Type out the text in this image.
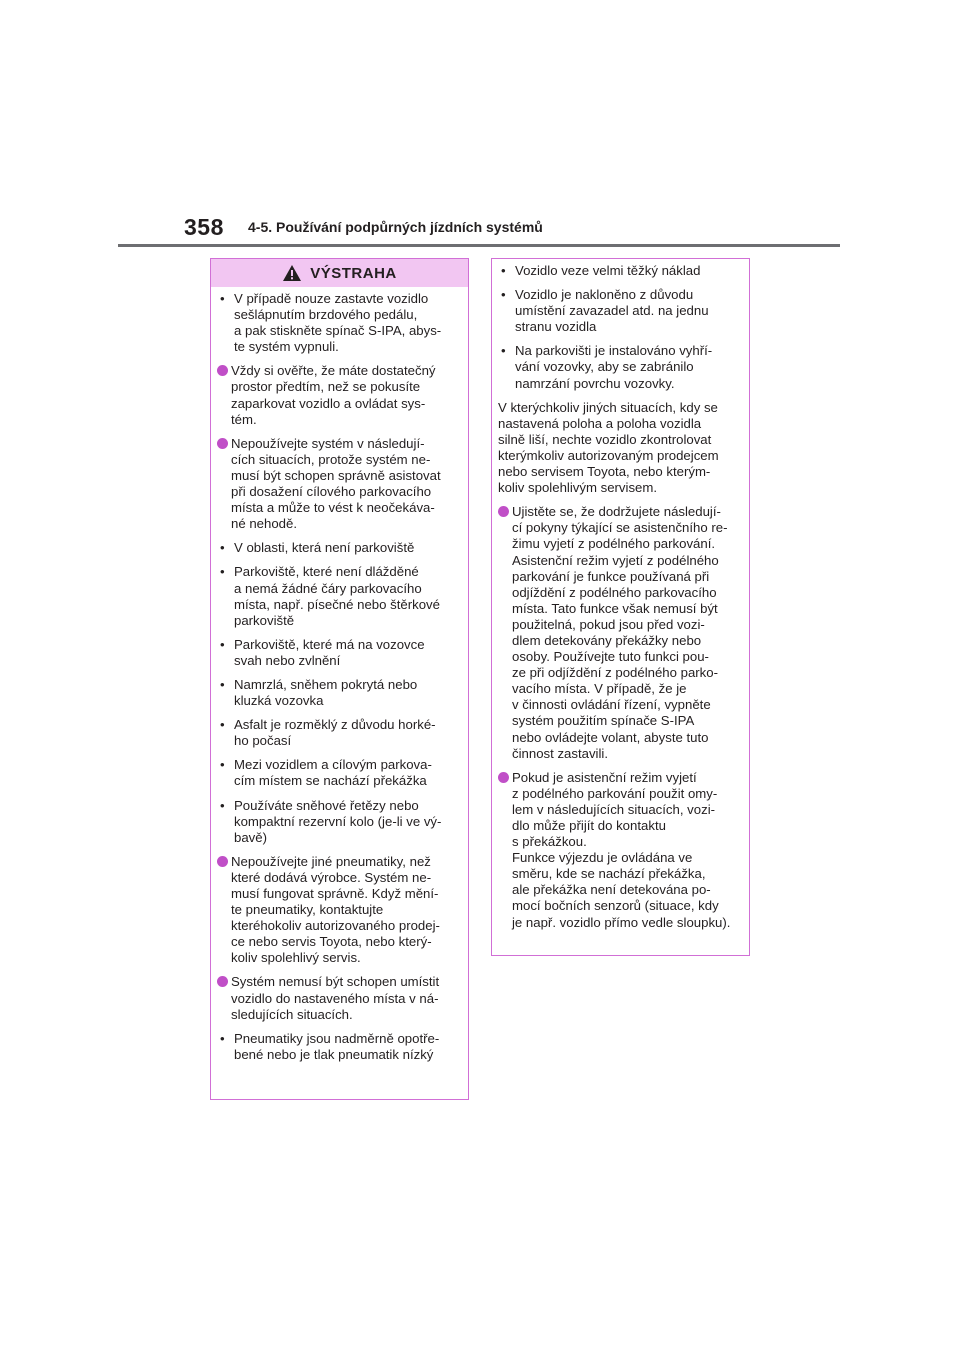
358 4-5. Používání podpůrných jízdních systémů
VÝSTRAHA
• V případě nouze zastavte vozidlo
sešlápnutím brzdového pedálu,
a pak stiskněte spínač S-IPA, abys-
te systém vypnuli.
Vždy si ověřte, že máte dostatečný
prostor předtím, než se pokusíte
zaparkovat vozidlo a ovládat sys-
tém.
Nepoužívejte systém v následují-
cích situacích, protože systém ne-
musí být schopen správně asistovat
při dosažení cílového parkovacího
místa a může to vést k neočekáva-
né nehodě.
• V oblasti, která není parkoviště
• Parkoviště, které není dlážděné
a nemá žádné čáry parkovacího
místa, např. písečné nebo štěrkové
parkoviště
• Parkoviště, které má na vozovce
svah nebo zvlnění
• Namrzlá, sněhem pokrytá nebo
kluzká vozovka
• Asfalt je rozměklý z důvodu horké-
ho počasí
• Mezi vozidlem a cílovým parkova-
cím místem se nachází překážka
• Používáte sněhové řetězy nebo
kompaktní rezervní kolo (je-li ve vý-
bavě)
Nepoužívejte jiné pneumatiky, než
které dodává výrobce. Systém ne-
musí fungovat správně. Když mění-
te pneumatiky, kontaktujte
kteréhokoliv autorizovaného prodej-
ce nebo servis Toyota, nebo který-
koliv spolehlivý servis.
Systém nemusí být schopen umístit
vozidlo do nastaveného místa v ná-
sledujících situacích.
• Pneumatiky jsou nadměrně opotře-
bené nebo je tlak pneumatik nízký
• Vozidlo veze velmi těžký náklad
• Vozidlo je nakloněno z důvodu
umístění zavazadel atd. na jednu
stranu vozidla
• Na parkovišti je instalováno vyhří-
vání vozovky, aby se zabránilo
namrzání povrchu vozovky.
V kterýchkoliv jiných situacích, kdy se
nastavená poloha a poloha vozidla
silně liší, nechte vozidlo zkontrolovat
kterýmkoliv autorizovaným prodejcem
nebo servisem Toyota, nebo kterým-
koliv spolehlivým servisem.
Ujistěte se, že dodržujete následují-
cí pokyny týkající se asistenčního re-
žimu vyjetí z podélného parkování.
Asistenční režim vyjetí z podélného
parkování je funkce používaná při
odjíždění z podélného parkovacího
místa. Tato funkce však nemusí být
použitelná, pokud jsou před vozi-
dlem detekovány překážky nebo
osoby. Používejte tuto funkci pou-
ze při odjíždění z podélného parko-
vacího místa. V případě, že je
v činnosti ovládání řízení, vypněte
systém použitím spínače S-IPA
nebo ovládejte volant, abyste tuto
činnost zastavili.
Pokud je asistenční režim vyjetí
z podélného parkování použit omy-
lem v následujících situacích, vozi-
dlo může přijít do kontaktu
s překážkou.
Funkce výjezdu je ovládána ve
směru, kde se nachází překážka,
ale překážka není detekována po-
mocí bočních senzorů (situace, kdy
je např. vozidlo přímo vedle sloupku).
